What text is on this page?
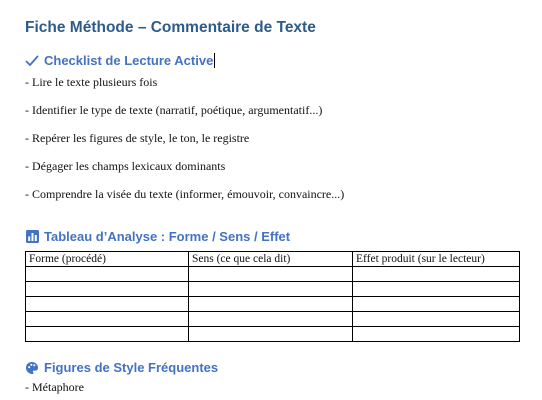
Fiche Méthode – Commentaire de Texte
Checklist de Lecture Active
- Lire le texte plusieurs fois
- Identifier le type de texte (narratif, poétique, argumentatif...)
- Repérer les figures de style, le ton, le registre
- Dégager les champs lexicaux dominants
- Comprendre la visée du texte (informer, émouvoir, convaincre...)
Tableau d’Analyse : Forme / Sens / Effet
Forme (procédé)	Sens (ce que cela dit)	Effet produit (sur le lecteur)

Figures de Style Fréquentes
- Métaphore
